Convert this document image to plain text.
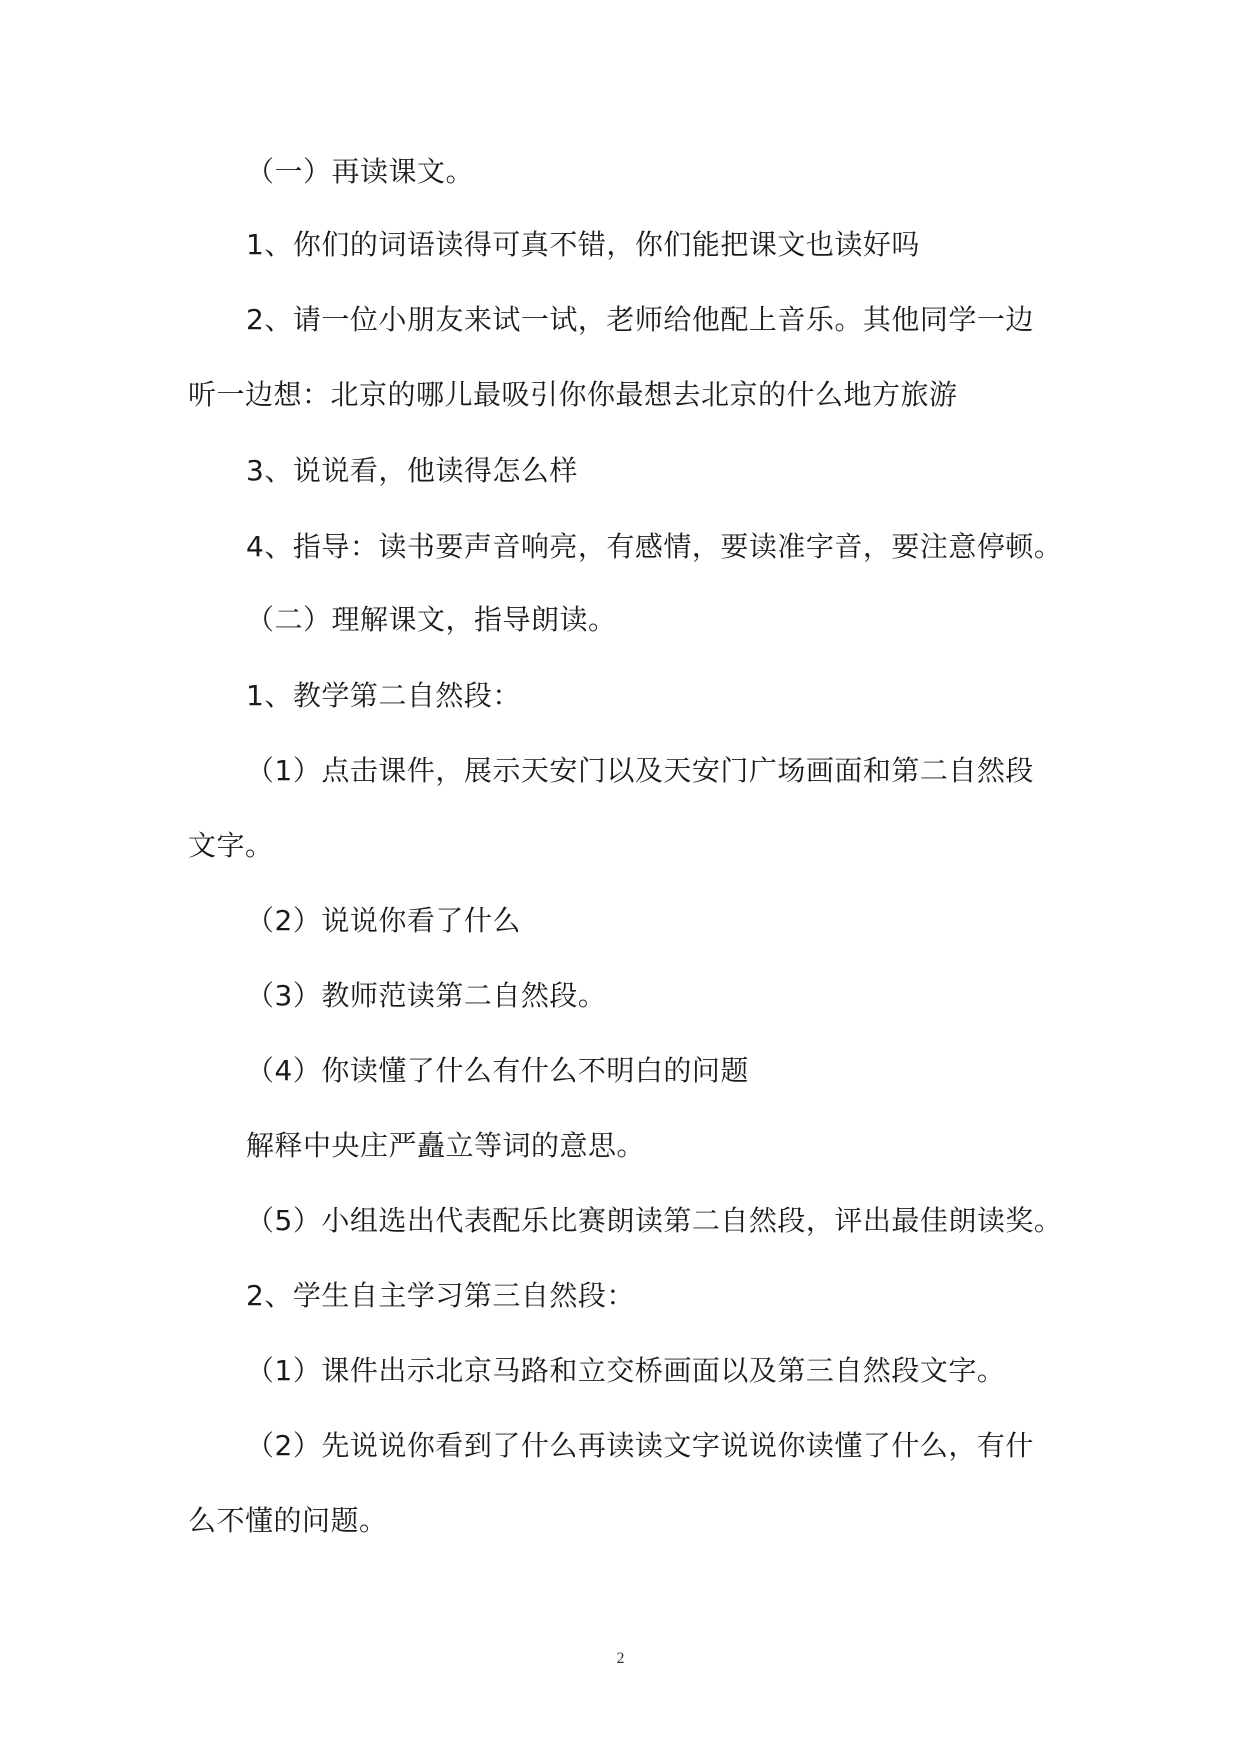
（一）再读课文。
1、你们的词语读得可真不错，你们能把课文也读好吗
2、请一位小朋友来试一试，老师给他配上音乐。其他同学一边
听一边想：北京的哪儿最吸引你你最想去北京的什么地方旅游
3、说说看，他读得怎么样
4、指导：读书要声音响亮，有感情，要读准字音，要注意停顿。
（二）理解课文，指导朗读。
1、教学第二自然段：
（1）点击课件，展示天安门以及天安门广场画面和第二自然段
文字。
（2）说说你看了什么
（3）教师范读第二自然段。
（4）你读懂了什么有什么不明白的问题
解释中央庄严矗立等词的意思。
（5）小组选出代表配乐比赛朗读第二自然段，评出最佳朗读奖。
2、学生自主学习第三自然段：
（1）课件出示北京马路和立交桥画面以及第三自然段文字。
（2）先说说你看到了什么再读读文字说说你读懂了什么，有什
么不懂的问题。
2
